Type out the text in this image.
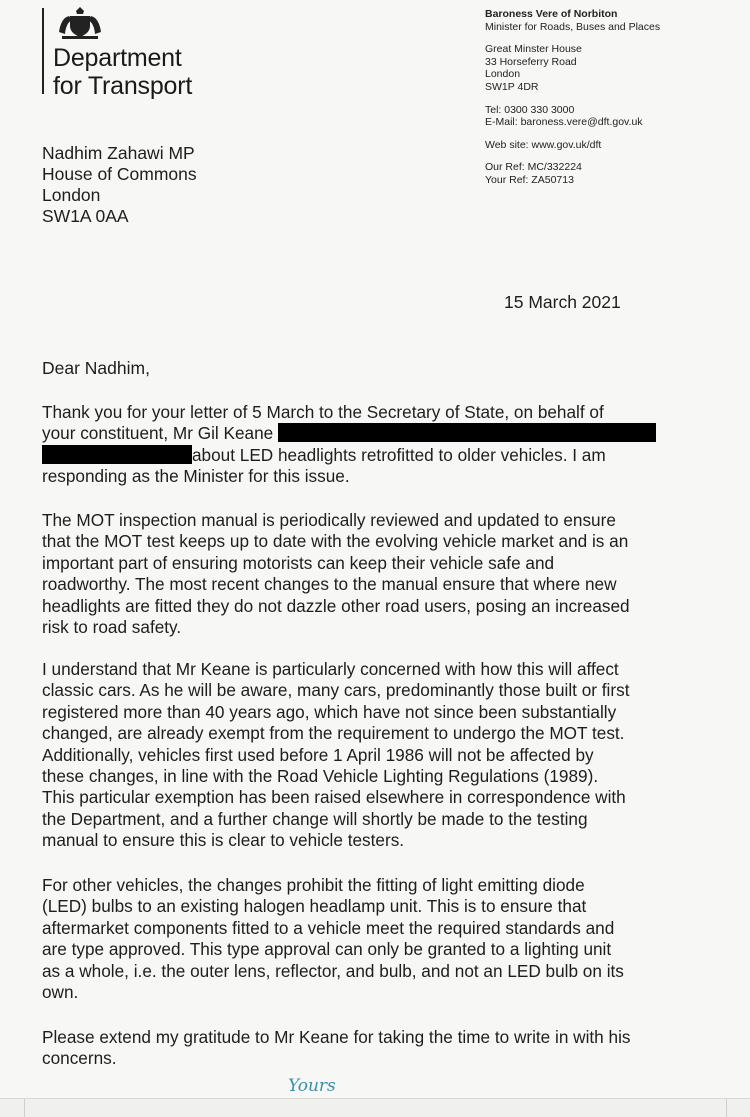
Department
for Transport
Baroness Vere of Norbiton
Minister for Roads, Buses and Places
Great Minster House
33 Horseferry Road
London
SW1P 4DR
Tel: 0300 330 3000
E-Mail: baroness.vere@dft.gov.uk
Web site: www.gov.uk/dft
Our Ref: MC/332224
Your Ref: ZA50713
Nadhim Zahawi MP
House of Commons
London
SW1A 0AA
15 March 2021
Dear Nadhim,
Thank you for your letter of 5 March to the Secretary of State, on behalf of
your constituent, Mr Gil Keane
about LED headlights retrofitted to older vehicles. I am
responding as the Minister for this issue.
The MOT inspection manual is periodically reviewed and updated to ensure
that the MOT test keeps up to date with the evolving vehicle market and is an
important part of ensuring motorists can keep their vehicle safe and
roadworthy. The most recent changes to the manual ensure that where new
headlights are fitted they do not dazzle other road users, posing an increased
risk to road safety.
I understand that Mr Keane is particularly concerned with how this will affect
classic cars. As he will be aware, many cars, predominantly those built or first
registered more than 40 years ago, which have not since been substantially
changed, are already exempt from the requirement to undergo the MOT test.
Additionally, vehicles first used before 1 April 1986 will not be affected by
these changes, in line with the Road Vehicle Lighting Regulations (1989).
This particular exemption has been raised elsewhere in correspondence with
the Department, and a further change will shortly be made to the testing
manual to ensure this is clear to vehicle testers.
For other vehicles, the changes prohibit the fitting of light emitting diode
(LED) bulbs to an existing halogen headlamp unit. This is to ensure that
aftermarket components fitted to a vehicle meet the required standards and
are type approved. This type approval can only be granted to a lighting unit
as a whole, i.e. the outer lens, reflector, and bulb, and not an LED bulb on its
own.
Please extend my gratitude to Mr Keane for taking the time to write in with his
concerns.
Yours
